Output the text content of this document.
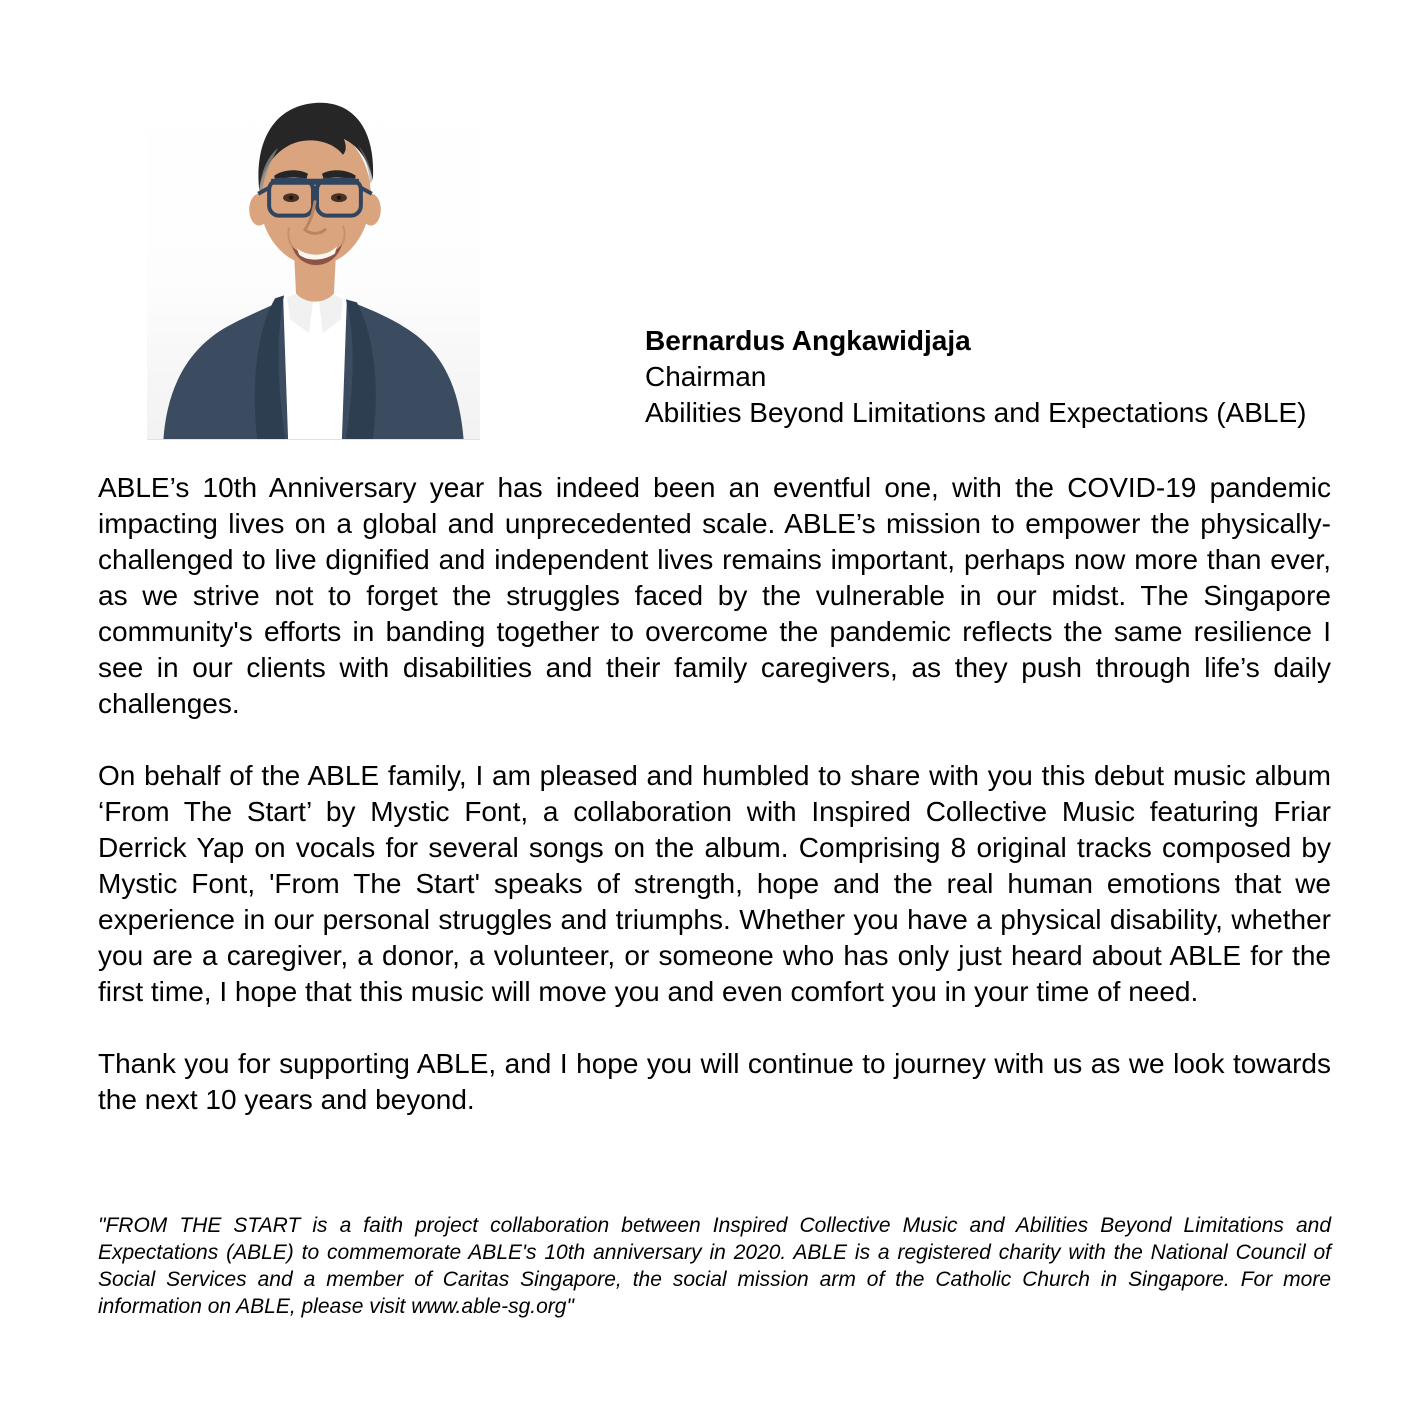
Bernardus Angkawidjaja
Chairman
Abilities Beyond Limitations and Expectations (ABLE)

ABLE’s 10th Anniversary year has indeed been an eventful one, with the COVID-19 pandemic impacting lives on a global and unprecedented scale. ABLE’s mission to empower the physically-challenged to live dignified and independent lives remains important, perhaps now more than ever, as we strive not to forget the struggles faced by the vulnerable in our midst. The Singapore community's efforts in banding together to overcome the pandemic reflects the same resilience I see in our clients with disabilities and their family caregivers, as they push through life’s daily challenges.

On behalf of the ABLE family, I am pleased and humbled to share with you this debut music album ‘From The Start’ by Mystic Font, a collaboration with Inspired Collective Music featuring Friar Derrick Yap on vocals for several songs on the album. Comprising 8 original tracks composed by Mystic Font, 'From The Start' speaks of strength, hope and the real human emotions that we experience in our personal struggles and triumphs. Whether you have a physical disability, whether you are a caregiver, a donor, a volunteer, or someone who has only just heard about ABLE for the first time, I hope that this music will move you and even comfort you in your time of need.

Thank you for supporting ABLE, and I hope you will continue to journey with us as we look towards the next 10 years and beyond.

"FROM THE START is a faith project collaboration between Inspired Collective Music and Abilities Beyond Limitations and Expectations (ABLE) to commemorate ABLE's 10th anniversary in 2020. ABLE is a registered charity with the National Council of Social Services and a member of Caritas Singapore, the social mission arm of the Catholic Church in Singapore. For more information on ABLE, please visit www.able-sg.org"
